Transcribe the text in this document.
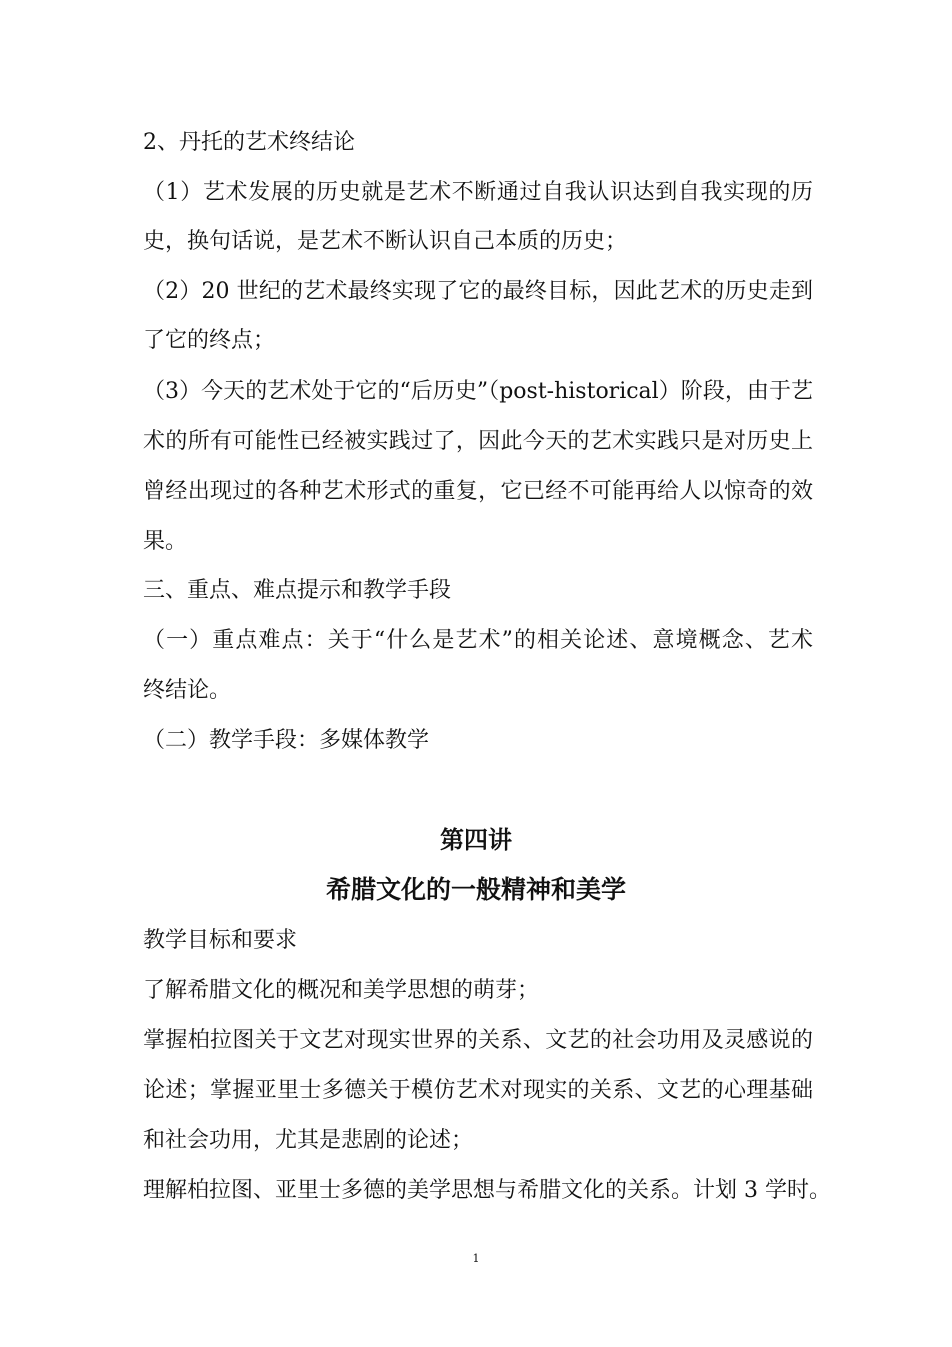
2、丹托的艺术终结论
（1）艺术发展的历史就是艺术不断通过自我认识达到自我实现的历
史，换句话说，是艺术不断认识自己本质的历史；
（2）20 世纪的艺术最终实现了它的最终目标，因此艺术的历史走到
了它的终点；
（3）今天的艺术处于它的“后历史”（post-historical）阶段，由于艺
术的所有可能性已经被实践过了，因此今天的艺术实践只是对历史上
曾经出现过的各种艺术形式的重复，它已经不可能再给人以惊奇的效
果。
三、重点、难点提示和教学手段
（一）重点难点：关于“什么是艺术”的相关论述、意境概念、艺术
终结论。
（二）教学手段：多媒体教学
第四讲
希腊文化的一般精神和美学
教学目标和要求
了解希腊文化的概况和美学思想的萌芽；
掌握柏拉图关于文艺对现实世界的关系、文艺的社会功用及灵感说的
论述；掌握亚里士多德关于模仿艺术对现实的关系、文艺的心理基础
和社会功用，尤其是悲剧的论述；
理解柏拉图、亚里士多德的美学思想与希腊文化的关系。计划 3 学时。
1
